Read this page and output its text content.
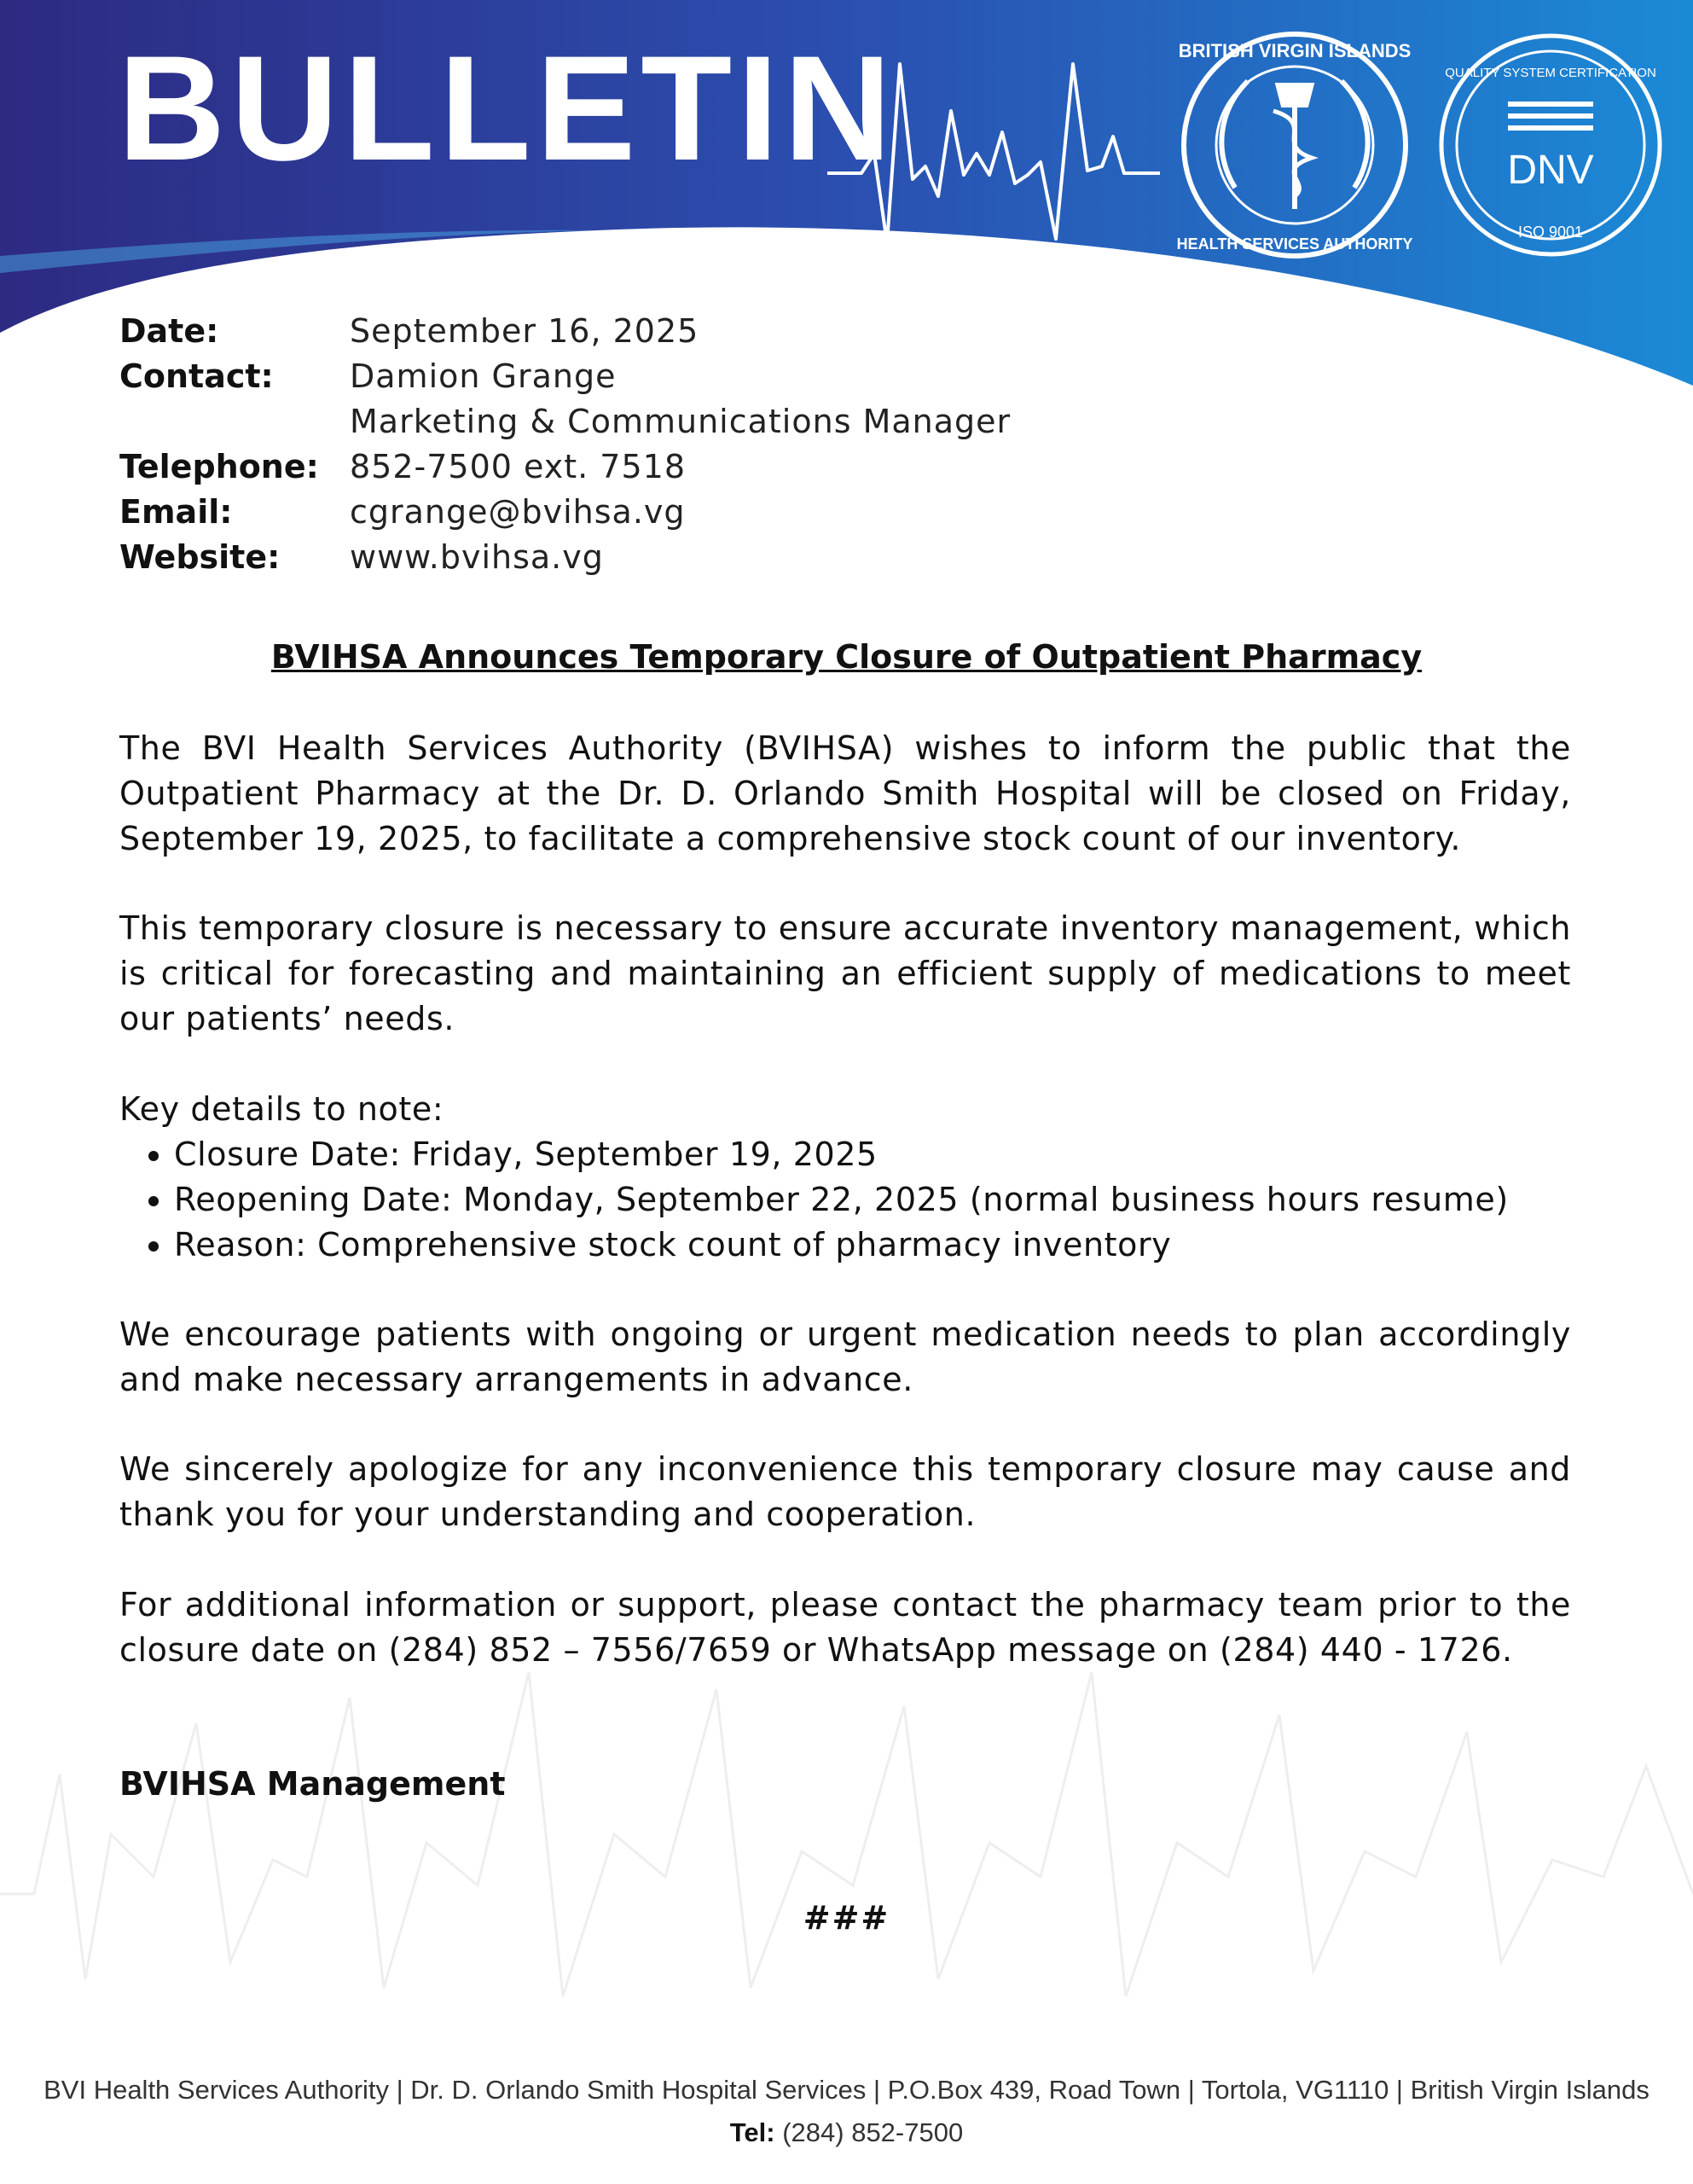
BRITISH VIRGIN ISLANDS
HEALTH SERVICES AUTHORITY
DNV
QUALITY SYSTEM CERTIFICATION
ISO 9001
BULLETIN
Date:	September 16, 2025
Contact:	Damion Grange
Marketing & Communications Manager
Telephone: 852-7500 ext. 7518
Email:	cgrange@bvihsa.vg
Website:	www.bvihsa.vg
BVIHSA Announces Temporary Closure of Outpatient Pharmacy
The BVI Health Services Authority (BVIHSA) wishes to inform the public that the Outpatient Pharmacy at the Dr. D. Orlando Smith Hospital will be closed on Friday, September 19, 2025, to facilitate a comprehensive stock count of our inventory.
This temporary closure is necessary to ensure accurate inventory management, which is critical for forecasting and maintaining an efficient supply of medications to meet our patients’ needs.
Key details to note:
• Closure Date: Friday, September 19, 2025
• Reopening Date: Monday, September 22, 2025 (normal business hours resume)
• Reason: Comprehensive stock count of pharmacy inventory
We encourage patients with ongoing or urgent medication needs to plan accordingly and make necessary arrangements in advance.
We sincerely apologize for any inconvenience this temporary closure may cause and thank you for your understanding and cooperation.
For additional information or support, please contact the pharmacy team prior to the closure date on (284) 852 – 7556/7659 or WhatsApp message on (284) 440 - 1726.
BVIHSA Management
###
BVI Health Services Authority | Dr. D. Orlando Smith Hospital Services | P.O.Box 439, Road Town | Tortola, VG1110 | British Virgin Islands
Tel: (284) 852-7500
